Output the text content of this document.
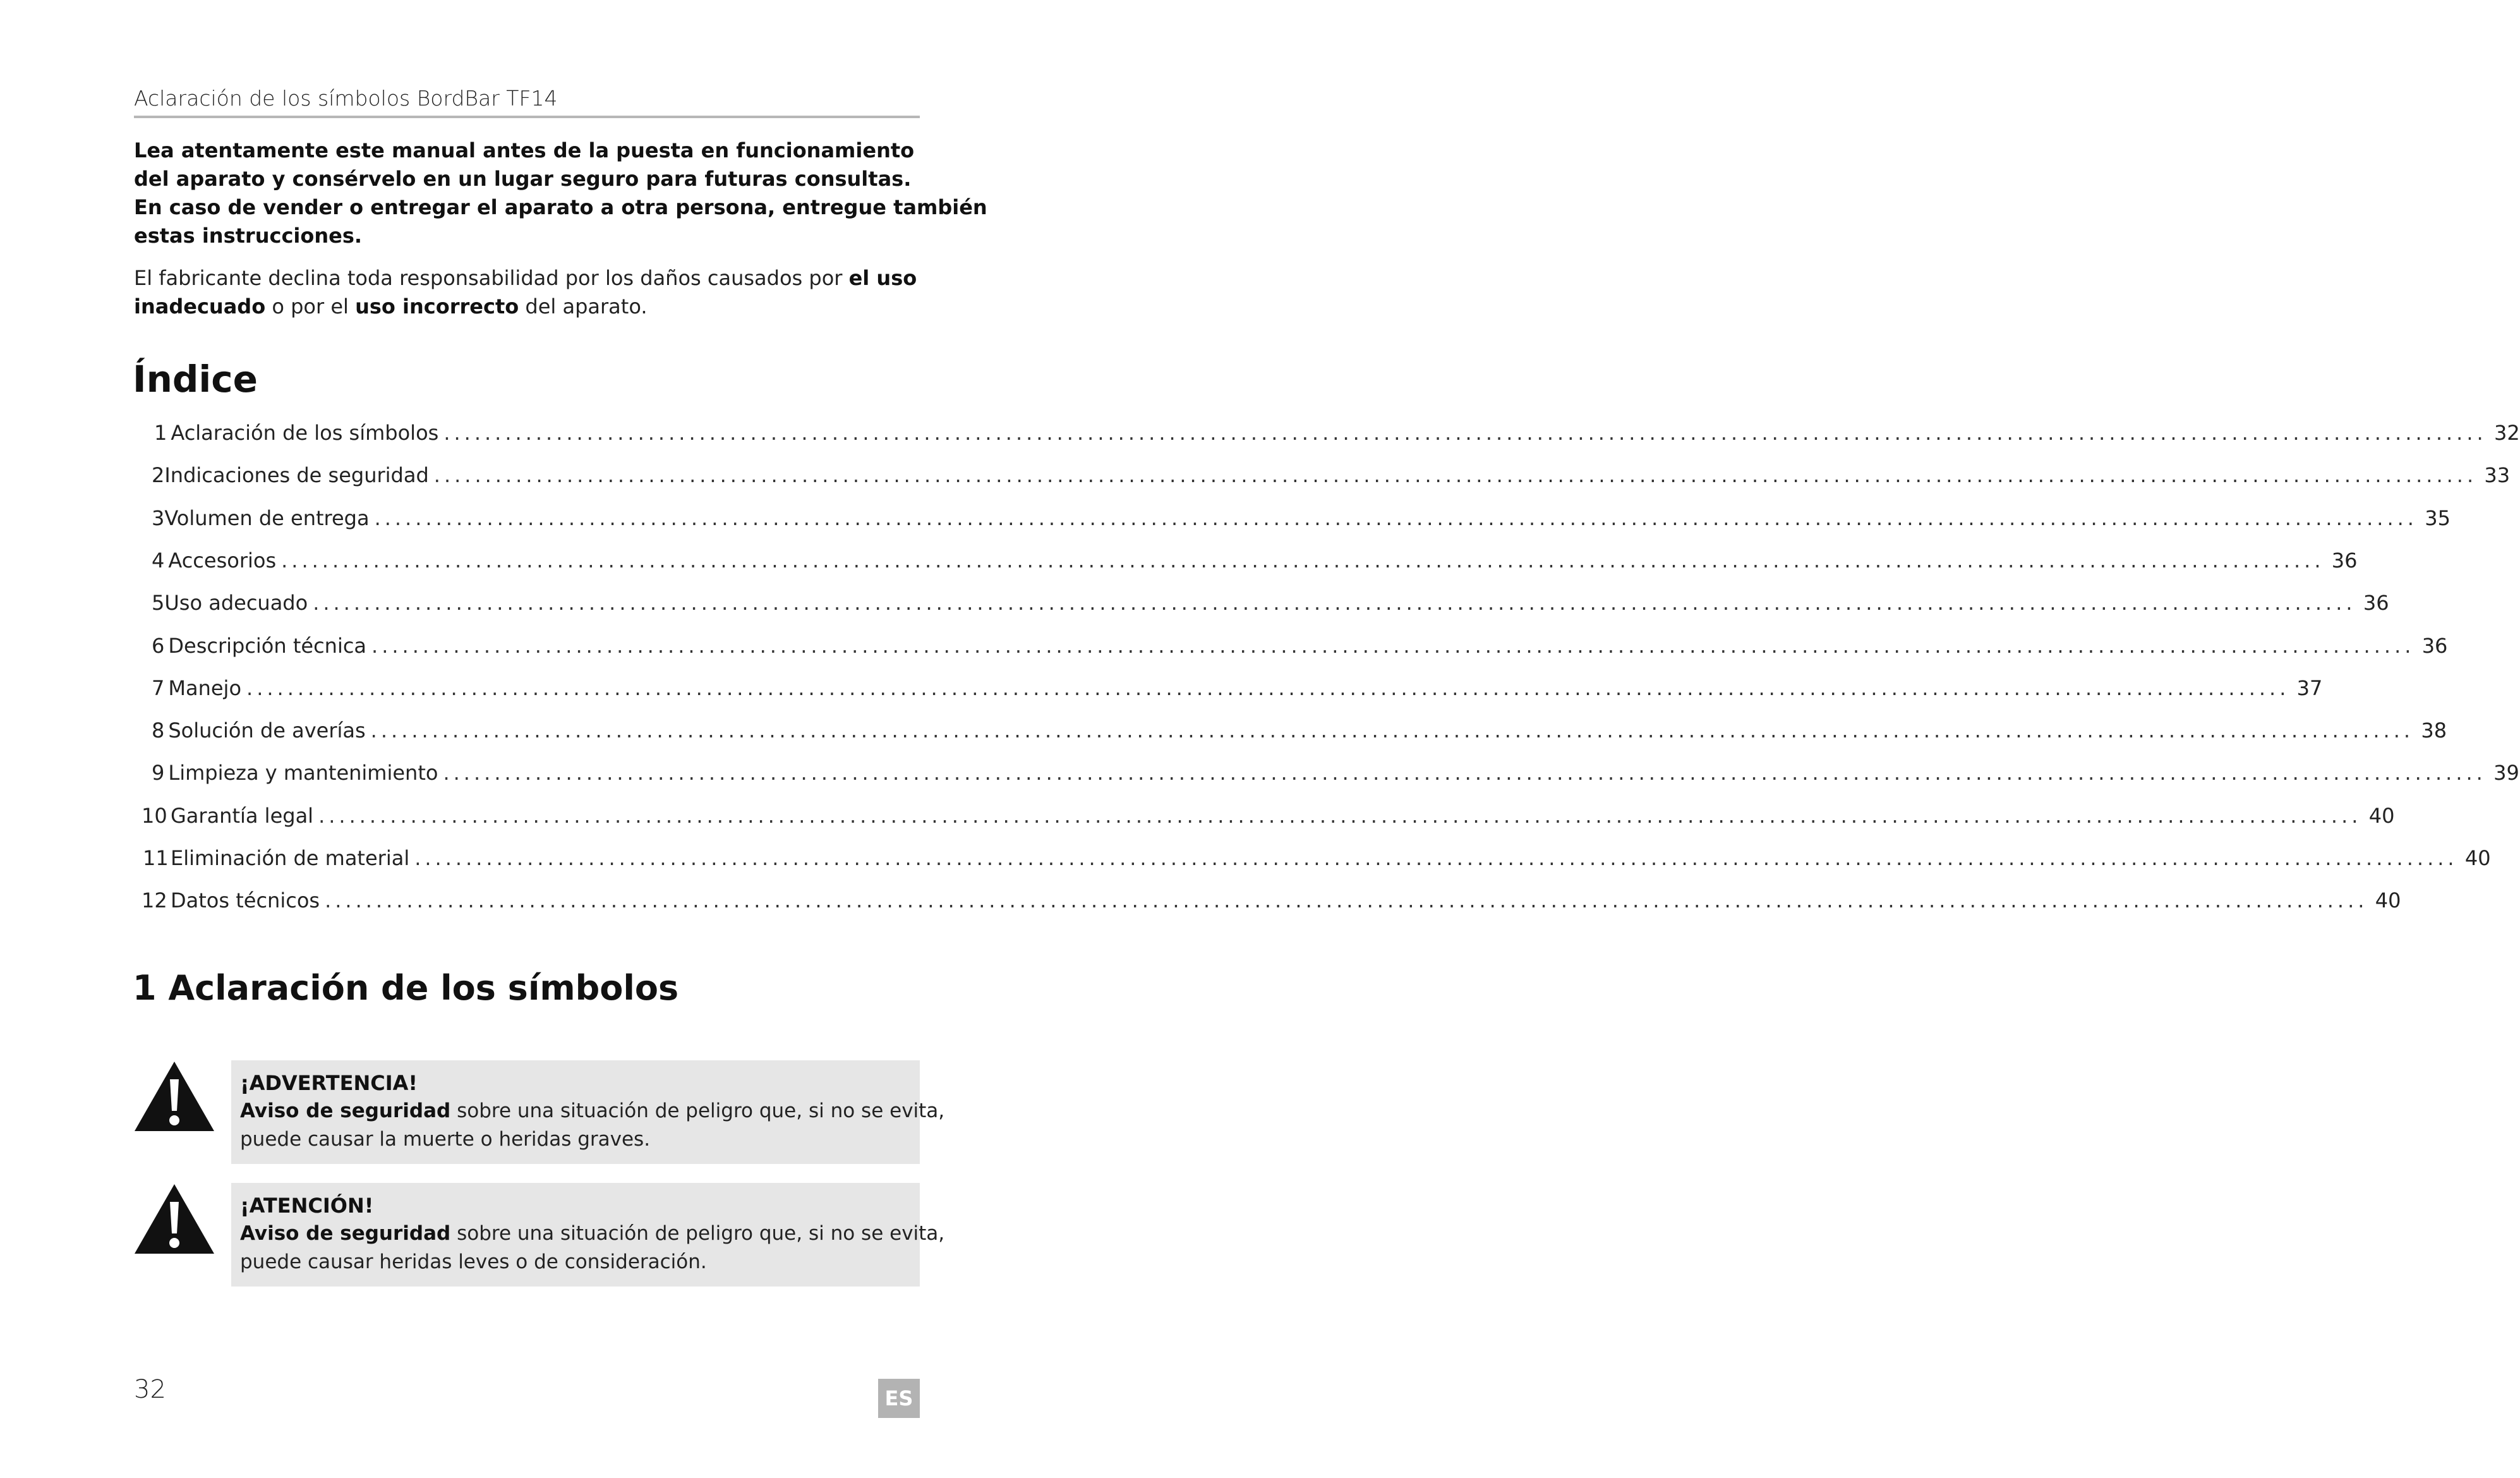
Aclaración de los símbolos BordBar TF14
Lea atentamente este manual antes de la puesta en funcionamiento
del aparato y consérvelo en un lugar seguro para futuras consultas.
En caso de vender o entregar el aparato a otra persona, entregue también
estas instrucciones.
El fabricante declina toda responsabilidad por los daños causados por el uso
inadecuado o por el uso incorrecto del aparato.
Índice
1 Aclaración de los símbolos ........................................................................................................................................................................................................ 32
2 Indicaciones de seguridad ........................................................................................................................................................................................................ 33
3 Volumen de entrega ........................................................................................................................................................................................................ 35
4 Accesorios ........................................................................................................................................................................................................ 36
5 Uso adecuado ........................................................................................................................................................................................................ 36
6 Descripción técnica ........................................................................................................................................................................................................ 36
7 Manejo ........................................................................................................................................................................................................ 37
8 Solución de averías ........................................................................................................................................................................................................ 38
9 Limpieza y mantenimiento ........................................................................................................................................................................................................ 39
10 Garantía legal ........................................................................................................................................................................................................ 40
11 Eliminación de material ........................................................................................................................................................................................................ 40
12 Datos técnicos ........................................................................................................................................................................................................ 40
1 Aclaración de los símbolos
¡ADVERTENCIA!
Aviso de seguridad sobre una situación de peligro que, si no se evita,
puede causar la muerte o heridas graves.
¡ATENCIÓN!
Aviso de seguridad sobre una situación de peligro que, si no se evita,
puede causar heridas leves o de consideración.
32	ES
